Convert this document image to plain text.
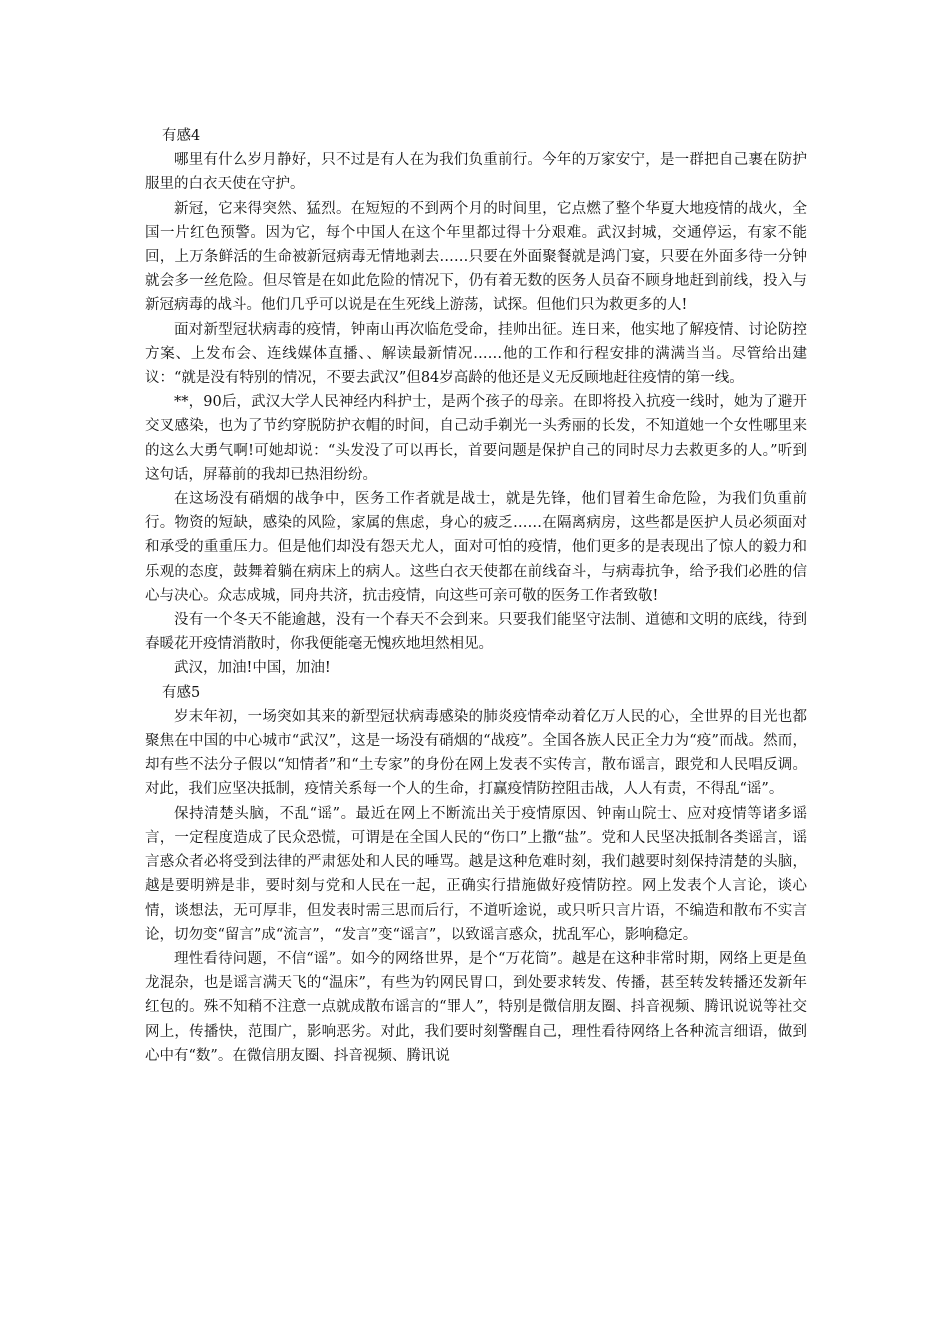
有感4

哪里有什么岁月静好，只不过是有人在为我们负重前行。今年的万家安宁，是一群把自己裹在防护服里的白衣天使在守护。

新冠，它来得突然、猛烈。在短短的不到两个月的时间里，它点燃了整个华夏大地疫情的战火，全国一片红色预警。因为它，每个中国人在这个年里都过得十分艰难。武汉封城，交通停运，有家不能回，上万条鲜活的生命被新冠病毒无情地剥去……只要在外面聚餐就是鸿门宴，只要在外面多待一分钟就会多一丝危险。但尽管是在如此危险的情况下，仍有着无数的医务人员奋不顾身地赶到前线，投入与新冠病毒的战斗。他们几乎可以说是在生死线上游荡，试探。但他们只为救更多的人!

面对新型冠状病毒的疫情，钟南山再次临危受命，挂帅出征。连日来，他实地了解疫情、讨论防控方案、上发布会、连线媒体直播、、解读最新情况……他的工作和行程安排的满满当当。尽管给出建议：“就是没有特别的情况，不要去武汉”但84岁高龄的他还是义无反顾地赶往疫情的第一线。

**，90后，武汉大学人民神经内科护士，是两个孩子的母亲。在即将投入抗疫一线时，她为了避开交叉感染，也为了节约穿脱防护衣帽的时间，自己动手剃光一头秀丽的长发，不知道她一个女性哪里来的这么大勇气啊!可她却说：“头发没了可以再长，首要问题是保护自己的同时尽力去救更多的人。”听到这句话，屏幕前的我却已热泪纷纷。

在这场没有硝烟的战争中，医务工作者就是战士，就是先锋，他们冒着生命危险，为我们负重前行。物资的短缺，感染的风险，家属的焦虑，身心的疲乏……在隔离病房，这些都是医护人员必须面对和承受的重重压力。但是他们却没有怨天尤人，面对可怕的疫情，他们更多的是表现出了惊人的毅力和乐观的态度，鼓舞着躺在病床上的病人。这些白衣天使都在前线奋斗，与病毒抗争，给予我们必胜的信心与决心。众志成城，同舟共济，抗击疫情，向这些可亲可敬的医务工作者致敬!

没有一个冬天不能逾越，没有一个春天不会到来。只要我们能坚守法制、道德和文明的底线，待到春暖花开疫情消散时，你我便能毫无愧疚地坦然相见。

武汉，加油!中国，加油!

有感5

岁末年初，一场突如其来的新型冠状病毒感染的肺炎疫情牵动着亿万人民的心，全世界的目光也都聚焦在中国的中心城市“武汉”，这是一场没有硝烟的“战疫”。全国各族人民正全力为“疫”而战。然而，却有些不法分子假以“知情者”和“土专家”的身份在网上发表不实传言，散布谣言，跟党和人民唱反调。对此，我们应坚决抵制，疫情关系每一个人的生命，打赢疫情防控阻击战，人人有责，不得乱“谣”。

保持清楚头脑，不乱“谣”。最近在网上不断流出关于疫情原因、钟南山院士、应对疫情等诸多谣言，一定程度造成了民众恐慌，可谓是在全国人民的“伤口”上撒“盐”。党和人民坚决抵制各类谣言，谣言惑众者必将受到法律的严肃惩处和人民的唾骂。越是这种危难时刻，我们越要时刻保持清楚的头脑，越是要明辨是非，要时刻与党和人民在一起，正确实行措施做好疫情防控。网上发表个人言论，谈心情，谈想法，无可厚非，但发表时需三思而后行，不道听途说，或只听只言片语，不编造和散布不实言论，切勿变“留言”成“流言”，“发言”变“谣言”，以致谣言惑众，扰乱军心，影响稳定。

理性看待问题，不信“谣”。如今的网络世界，是个“万花筒”。越是在这种非常时期，网络上更是鱼龙混杂，也是谣言满天飞的“温床”，有些为钓网民胃口，到处要求转发、传播，甚至转发转播还发新年红包的。殊不知稍不注意一点就成散布谣言的“罪人”，特别是微信朋友圈、抖音视频、腾讯说说等社交网上，传播快，范围广，影响恶劣。对此，我们要时刻警醒自己，理性看待网络上各种流言细语，做到心中有“数”。在微信朋友圈、抖音视频、腾讯说
